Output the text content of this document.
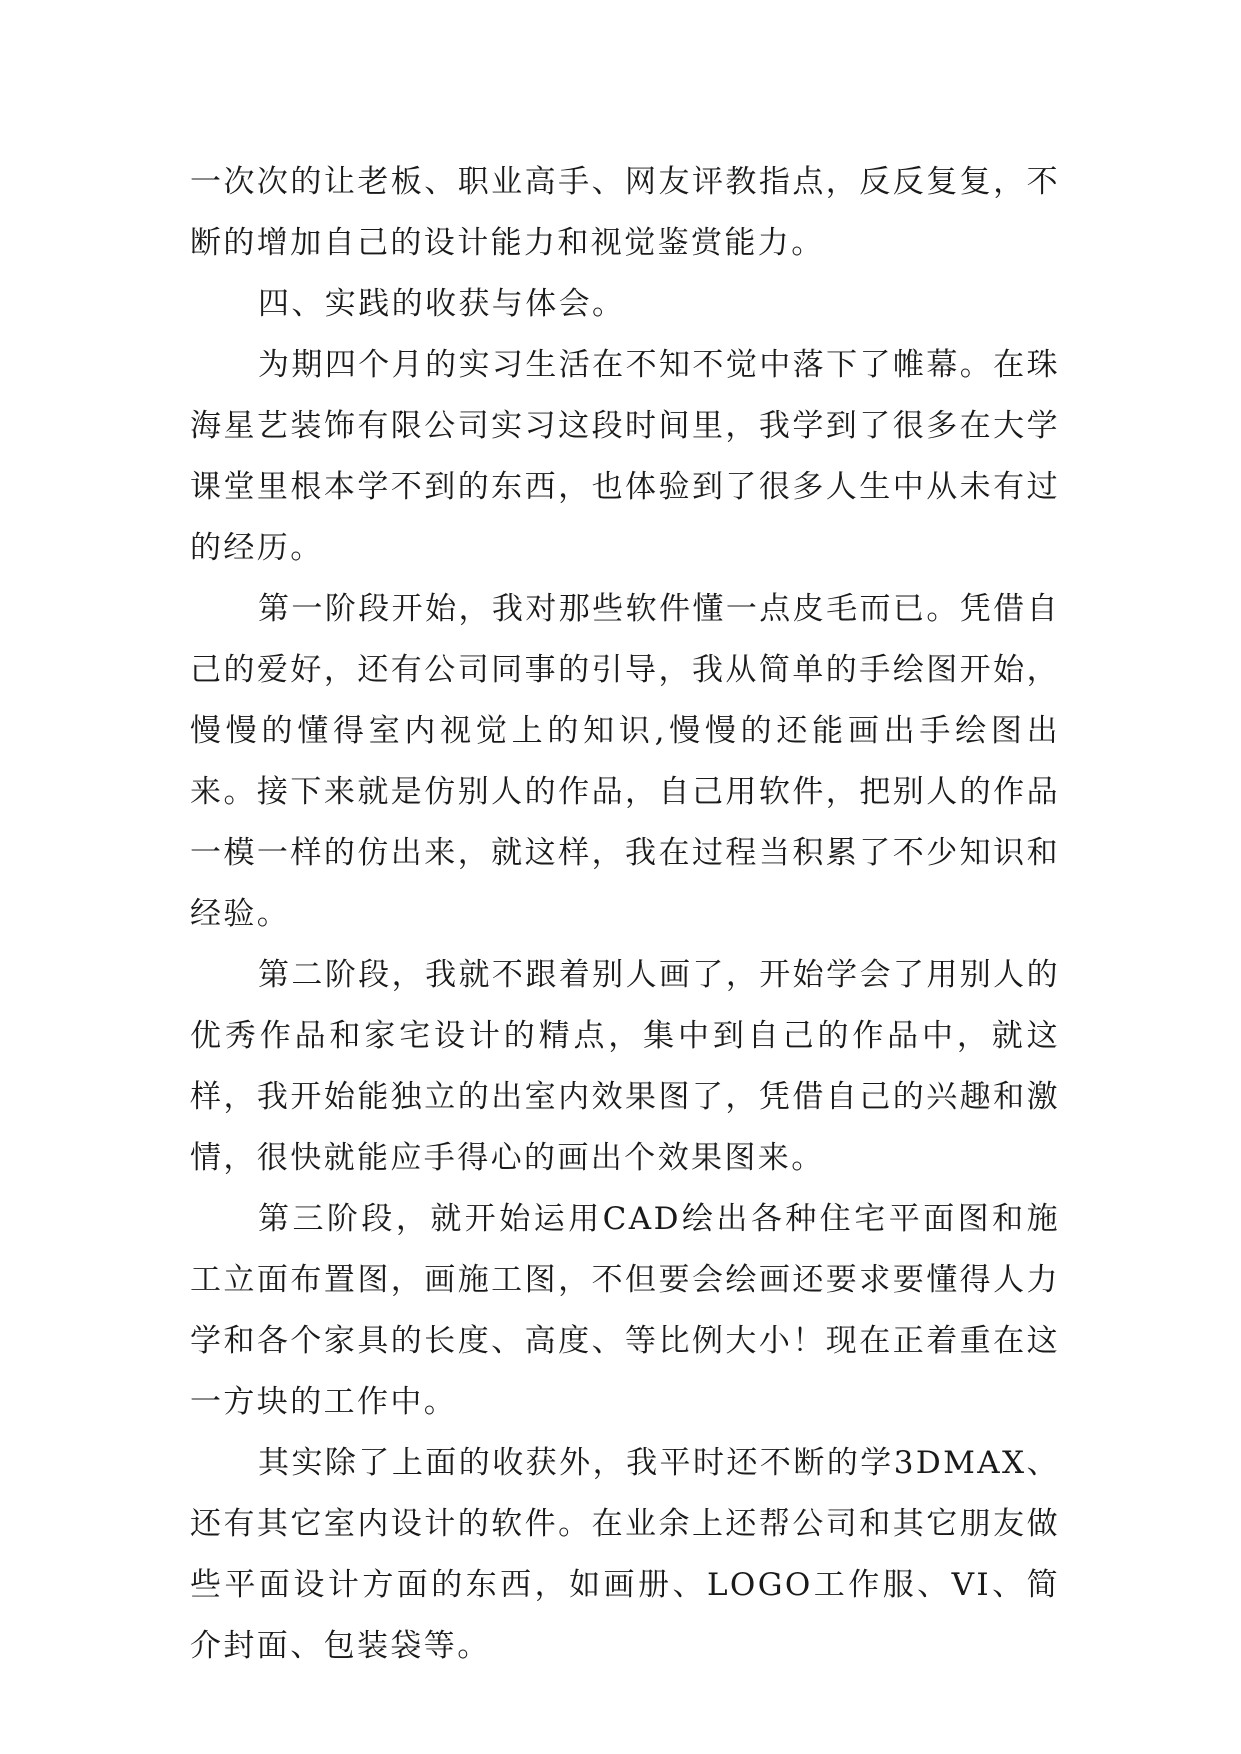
一次次的让老板、职业高手、网友评教指点，反反复复，不断的增加自己的设计能力和视觉鉴赏能力。

四、实践的收获与体会。

为期四个月的实习生活在不知不觉中落下了帷幕。在珠海星艺装饰有限公司实习这段时间里，我学到了很多在大学课堂里根本学不到的东西，也体验到了很多人生中从未有过的经历。

第一阶段开始，我对那些软件懂一点皮毛而已。凭借自己的爱好，还有公司同事的引导，我从简单的手绘图开始，慢慢的懂得室内视觉上的知识,慢慢的还能画出手绘图出来。接下来就是仿别人的作品，自己用软件，把别人的作品一模一样的仿出来，就这样，我在过程当积累了不少知识和经验。

第二阶段，我就不跟着别人画了，开始学会了用别人的优秀作品和家宅设计的精点，集中到自己的作品中，就这样，我开始能独立的出室内效果图了，凭借自己的兴趣和激情，很快就能应手得心的画出个效果图来。

第三阶段，就开始运用CAD绘出各种住宅平面图和施工立面布置图，画施工图，不但要会绘画还要求要懂得人力学和各个家具的长度、高度、等比例大小！现在正着重在这一方块的工作中。

其实除了上面的收获外，我平时还不断的学3DMAX、还有其它室内设计的软件。在业余上还帮公司和其它朋友做些平面设计方面的东西，如画册、LOGO工作服、VI、简介封面、包装袋等。
